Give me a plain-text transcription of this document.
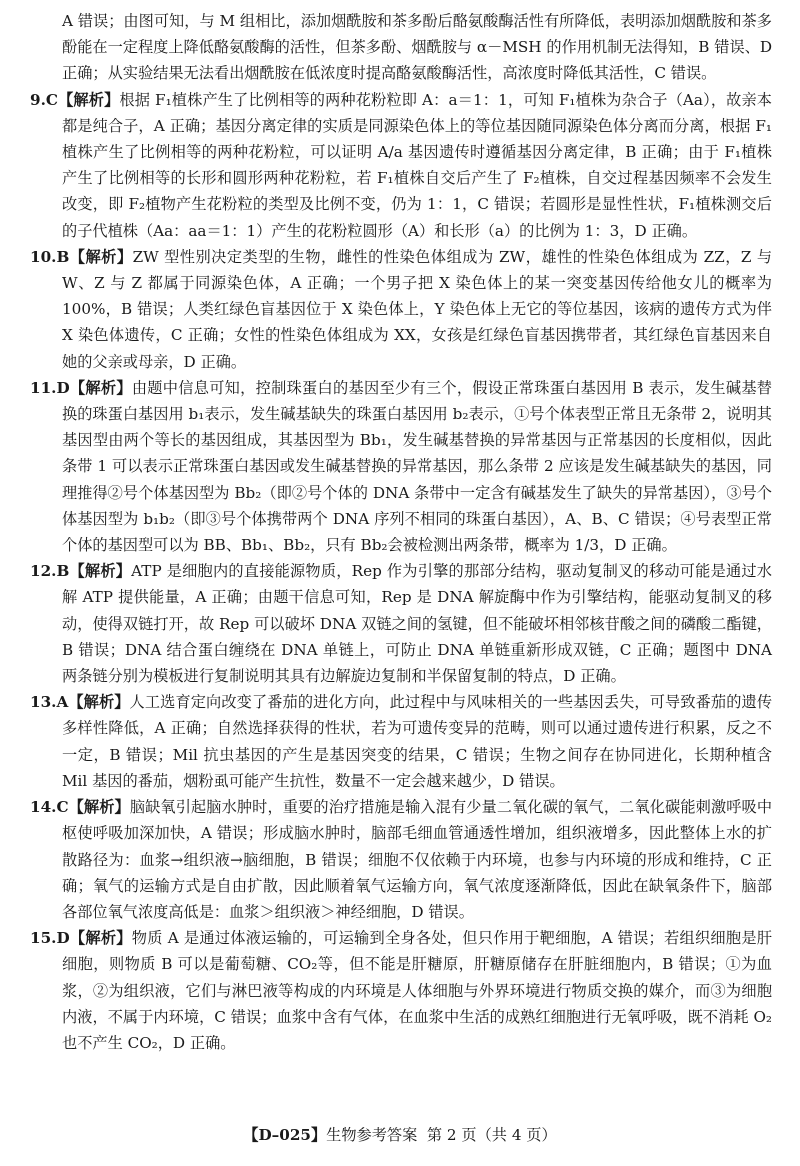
A 错误；由图可知，与 M 组相比，添加烟酰胺和茶多酚后酪氨酸酶活性有所降低，表明添加烟酰胺和茶多酚能在一定程度上降低酪氨酸酶的活性，但茶多酚、烟酰胺与 α－MSH 的作用机制无法得知，B 错误、D 正确；从实验结果无法看出烟酰胺在低浓度时提高酪氨酸酶活性，高浓度时降低其活性，C 错误。
9.C【解析】根据 F₁植株产生了比例相等的两种花粉粒即 A：a＝1：1，可知 F₁植株为杂合子（Aa），故亲本都是纯合子，A 正确；基因分离定律的实质是同源染色体上的等位基因随同源染色体分离而分离，根据 F₁植株产生了比例相等的两种花粉粒，可以证明 A/a 基因遗传时遵循基因分离定律，B 正确；由于 F₁植株产生了比例相等的长形和圆形两种花粉粒，若 F₁植株自交后产生了 F₂植株，自交过程基因频率不会发生改变，即 F₂植物产生花粉粒的类型及比例不变，仍为 1：1，C 错误；若圆形是显性性状，F₁植株测交后的子代植株（Aa：aa＝1：1）产生的花粉粒圆形（A）和长形（a）的比例为 1：3，D 正确。
10.B【解析】ZW 型性别决定类型的生物，雌性的性染色体组成为 ZW，雄性的性染色体组成为 ZZ，Z 与 W、Z 与 Z 都属于同源染色体，A 正确；一个男子把 X 染色体上的某一突变基因传给他女儿的概率为 100%，B 错误；人类红绿色盲基因位于 X 染色体上，Y 染色体上无它的等位基因，该病的遗传方式为伴 X 染色体遗传，C 正确；女性的性染色体组成为 XX，女孩是红绿色盲基因携带者，其红绿色盲基因来自她的父亲或母亲，D 正确。
11.D【解析】由题中信息可知，控制珠蛋白的基因至少有三个，假设正常珠蛋白基因用 B 表示，发生碱基替换的珠蛋白基因用 b₁表示，发生碱基缺失的珠蛋白基因用 b₂表示，①号个体表型正常且无条带 2，说明其基因型由两个等长的基因组成，其基因型为 Bb₁，发生碱基替换的异常基因与正常基因的长度相似，因此条带 1 可以表示正常珠蛋白基因或发生碱基替换的异常基因，那么条带 2 应该是发生碱基缺失的基因，同理推得②号个体基因型为 Bb₂（即②号个体的 DNA 条带中一定含有碱基发生了缺失的异常基因），③号个体基因型为 b₁b₂（即③号个体携带两个 DNA 序列不相同的珠蛋白基因），A、B、C 错误；④号表型正常个体的基因型可以为 BB、Bb₁、Bb₂，只有 Bb₂会被检测出两条带，概率为 1/3，D 正确。
12.B【解析】ATP 是细胞内的直接能源物质，Rep 作为引擎的那部分结构，驱动复制叉的移动可能是通过水解 ATP 提供能量，A 正确；由题干信息可知，Rep 是 DNA 解旋酶中作为引擎结构，能驱动复制叉的移动，使得双链打开，故 Rep 可以破坏 DNA 双链之间的氢键，但不能破坏相邻核苷酸之间的磷酸二酯键，B 错误；DNA 结合蛋白缠绕在 DNA 单链上，可防止 DNA 单链重新形成双链，C 正确；题图中 DNA 两条链分别为模板进行复制说明其具有边解旋边复制和半保留复制的特点，D 正确。
13.A【解析】人工选育定向改变了番茄的进化方向，此过程中与风味相关的一些基因丢失，可导致番茄的遗传多样性降低，A 正确；自然选择获得的性状，若为可遗传变异的范畴，则可以通过遗传进行积累，反之不一定，B 错误；Mil 抗虫基因的产生是基因突变的结果，C 错误；生物之间存在协同进化，长期种植含 Mil 基因的番茄，烟粉虱可能产生抗性，数量不一定会越来越少，D 错误。
14.C【解析】脑缺氧引起脑水肿时，重要的治疗措施是输入混有少量二氧化碳的氧气，二氧化碳能刺激呼吸中枢使呼吸加深加快，A 错误；形成脑水肿时，脑部毛细血管通透性增加，组织液增多，因此整体上水的扩散路径为：血浆→组织液→脑细胞，B 错误；细胞不仅依赖于内环境，也参与内环境的形成和维持，C 正确；氧气的运输方式是自由扩散，因此顺着氧气运输方向，氧气浓度逐渐降低，因此在缺氧条件下，脑部各部位氧气浓度高低是：血浆＞组织液＞神经细胞，D 错误。
15.D【解析】物质 A 是通过体液运输的，可运输到全身各处，但只作用于靶细胞，A 错误；若组织细胞是肝细胞，则物质 B 可以是葡萄糖、CO₂等，但不能是肝糖原，肝糖原储存在肝脏细胞内，B 错误；①为血浆，②为组织液，它们与淋巴液等构成的内环境是人体细胞与外界环境进行物质交换的媒介，而③为细胞内液，不属于内环境，C 错误；血浆中含有气体，在血浆中生活的成熟红细胞进行无氧呼吸，既不消耗 O₂也不产生 CO₂，D 正确。
【D–025】生物参考答案 第 2 页（共 4 页）
